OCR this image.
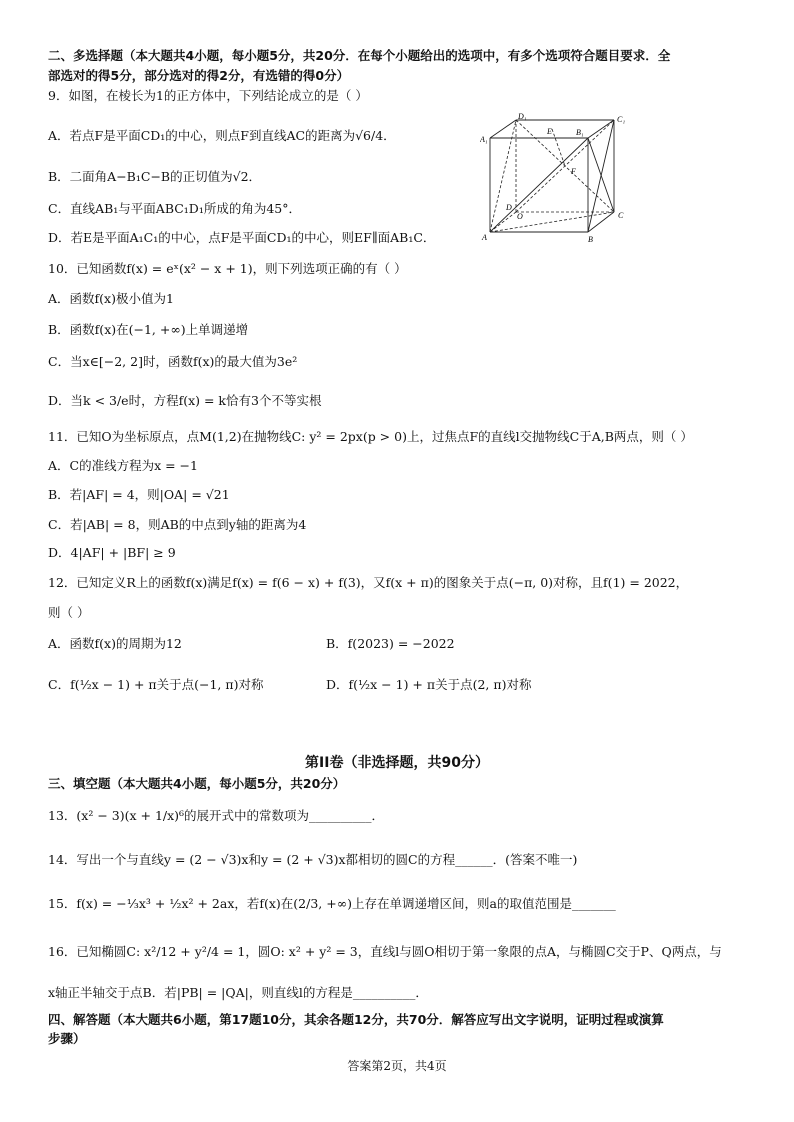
二、多选择题（本大题共4小题，每小题5分，共20分．在每个小题给出的选项中，有多个选项符合题目要求．全
部选对的得5分，部分选对的得2分，有选错的得0分）
9．如图，在棱长为1的正方体中，下列结论成立的是（ ）
A．若点F是平面CD₁的中心，则点F到直线AC的距离为√6/4．
B．二面角A−B₁C−B的正切值为√2．
C．直线AB₁与平面ABC₁D₁所成的角为45°．
D．若E是平面A₁C₁的中心，点F是平面CD₁的中心，则EF∥面AB₁C．
A₁
D₁	C₁
B₁
E
F
O
A	B
C
D
10．已知函数f(x) = eˣ(x² − x + 1)，则下列选项正确的有（ ）
A．函数f(x)极小值为1
B．函数f(x)在(−1, +∞)上单调递增
C．当x∈[−2, 2]时，函数f(x)的最大值为3e²
D．当k < 3/e时，方程f(x) = k恰有3个不等实根
11．已知O为坐标原点，点M(1,2)在抛物线C: y² = 2px(p > 0)上，过焦点F的直线l交抛物线C于A,B两点，则（ ）
A．C的准线方程为x = −1
B．若|AF| = 4，则|OA| = √21
C．若|AB| = 8，则AB的中点到y轴的距离为4
D．4|AF| + |BF| ≥ 9
12．已知定义R上的函数f(x)满足f(x) = f(6 − x) + f(3)，又f(x + π)的图象关于点(−π, 0)对称，且f(1) = 2022，
则（ ）
A．函数f(x)的周期为12	B．f(2023) = −2022
C．f(½x − 1) + π关于点(−1, π)对称	D．f(½x − 1) + π关于点(2, π)对称
第II卷（非选择题，共90分）
三、填空题（本大题共4小题，每小题5分，共20分）
13．(x² − 3)(x + 1/x)⁶的展开式中的常数项为__________．
14．写出一个与直线y = (2 − √3)x和y = (2 + √3)x都相切的圆C的方程______．(答案不唯一)
15．f(x) = −⅓x³ + ½x² + 2ax，若f(x)在(2/3, +∞)上存在单调递增区间，则a的取值范围是_______
16．已知椭圆C: x²/12 + y²/4 = 1，圆O: x² + y² = 3，直线l与圆O相切于第一象限的点A，与椭圆C交于P、Q两点，与
x轴正半轴交于点B．若|PB| = |QA|，则直线l的方程是__________．
四、解答题（本大题共6小题，第17题10分，其余各题12分，共70分．解答应写出文字说明，证明过程或演算
步骤）
答案第2页，共4页
